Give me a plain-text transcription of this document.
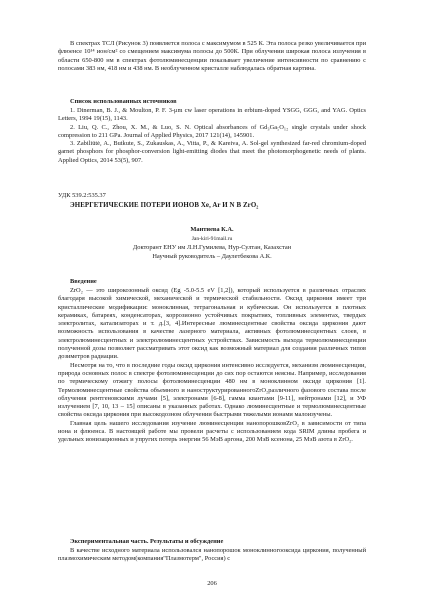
В спектрах ТСЛ (Рисунок 3) появляется полоса с максимумом в 525 К. Эта полоса резко увеличивается при флюенсе 10¹⁴ ион/см² со смещением максимума полосы до 500К. При облучении широкая полоса излучения в области 650-800 нм в спектрах фотолюминесценции показывает увеличение интенсивности по сравнению с полосами 383 нм, 418 нм и 438 нм. В необлученном кристалле наблюдалась обратная картина.
Список использованных источников

1. Dinerman, B. J., & Moulton, P. F. 3-μm cw laser operations in erbium-doped YSGG, GGG, and YAG. Optics Letters, 1994 19(15), 1143.

2. Liu, Q. C., Zhou, X. M., & Luo, S. N. Optical absorbances of Gd₃Ga₅O₁₂ single crystals under shock compression to 211 GPa. Journal of Applied Physics, 2017 121(14), 145901.

3. Zabiliūtė, A., Butkute, S., Zukauskas, A., Vitta, P., & Kareiva, A. Sol-gel synthesized far-red chromium-doped garnet phosphors for phosphor-conversion light-emitting diodes that meet the photomorphogenetic needs of plants. Applied Optics, 2014 53(5), 907.

УДК 539.2:535.37
ЭНЕРГЕТИЧЕСКИЕ ПОТЕРИ ИОНОВ Xe, Ar И N В ZrO₂
Мантиева К.А.
Jan-kiri-91mail.ru
Докторант ЕНУ им Л.Н.Гумилева, Нур-Султан, Казахстан
Научный руководитель – Даулетбекова А.К.
Введение

ZrO₂ — это широкозонный оксид (Eg -5.0-5.5 eV [1,2]), который используется в различных отраслях благодаря высокой химической, механической и термической стабильности. Оксид циркония имеет три кристаллические модификации: моноклинная, тетрагональная и кубическая. Он используется в плотных керамиках, батареях, конденсаторах, коррозионно устойчивых покрытиях, топливных элементах, твердых электролитах, катализаторах и т. д.[3, 4].Интересные люминесцентные свойства оксида циркония дают возможность использования в качестве лазерного материала, активных фотолюминесцентных слоев, в электролюминесцентных и электролюминесцентных устройствах. Зависимость выхода термолюминесценции полученной дозы позволяет рассматривать этот оксид как возможный материал для создания различных типов дозиметров радиации.

Несмотря на то, что в последние годы оксид циркония интенсивно исследуется, механизм люминесценции, природа основных полос в спектре фотолюминесценции до сих пор остаются неясны. Например, исследования по термическому отжигу полосы фотолюминесценции 480 нм в моноклинном оксиде циркония [1]. Термолюминесцентные свойства объемного и наноструктурированногоZrO₂различного фазового состава после облучения рентгеновскими лучами [5], электронами [6-8], гамма квантами [9-11], нейтронами [12], и УФ излучением [7, 10, 13 – 15] описаны в указанных работах. Однако люминесцентные и термолюминесцентные свойства оксида циркония при высокодозном облучении быстрыми тяжелыми ионами малоизучены.

Главная цель нашего исследования изучение люминесценции нанопорошковZrO₂ в зависимости от типа иона и флюенса. В настоящей работе мы провели расчеты с использованием кода SRIM длины пробега и удельных ионизационных и упругих потерь энергии 56 МэВ аргона, 200 МэВ ксенона, 25 МэВ азота в ZrO₂.

Экспериментальная часть. Результаты и обсуждение
В качестве исходного материала использовался нанопорошок моноклинногооксида циркония, полученный плазмохимическим методом(компания"Плазмотерм", Россия) с
206
